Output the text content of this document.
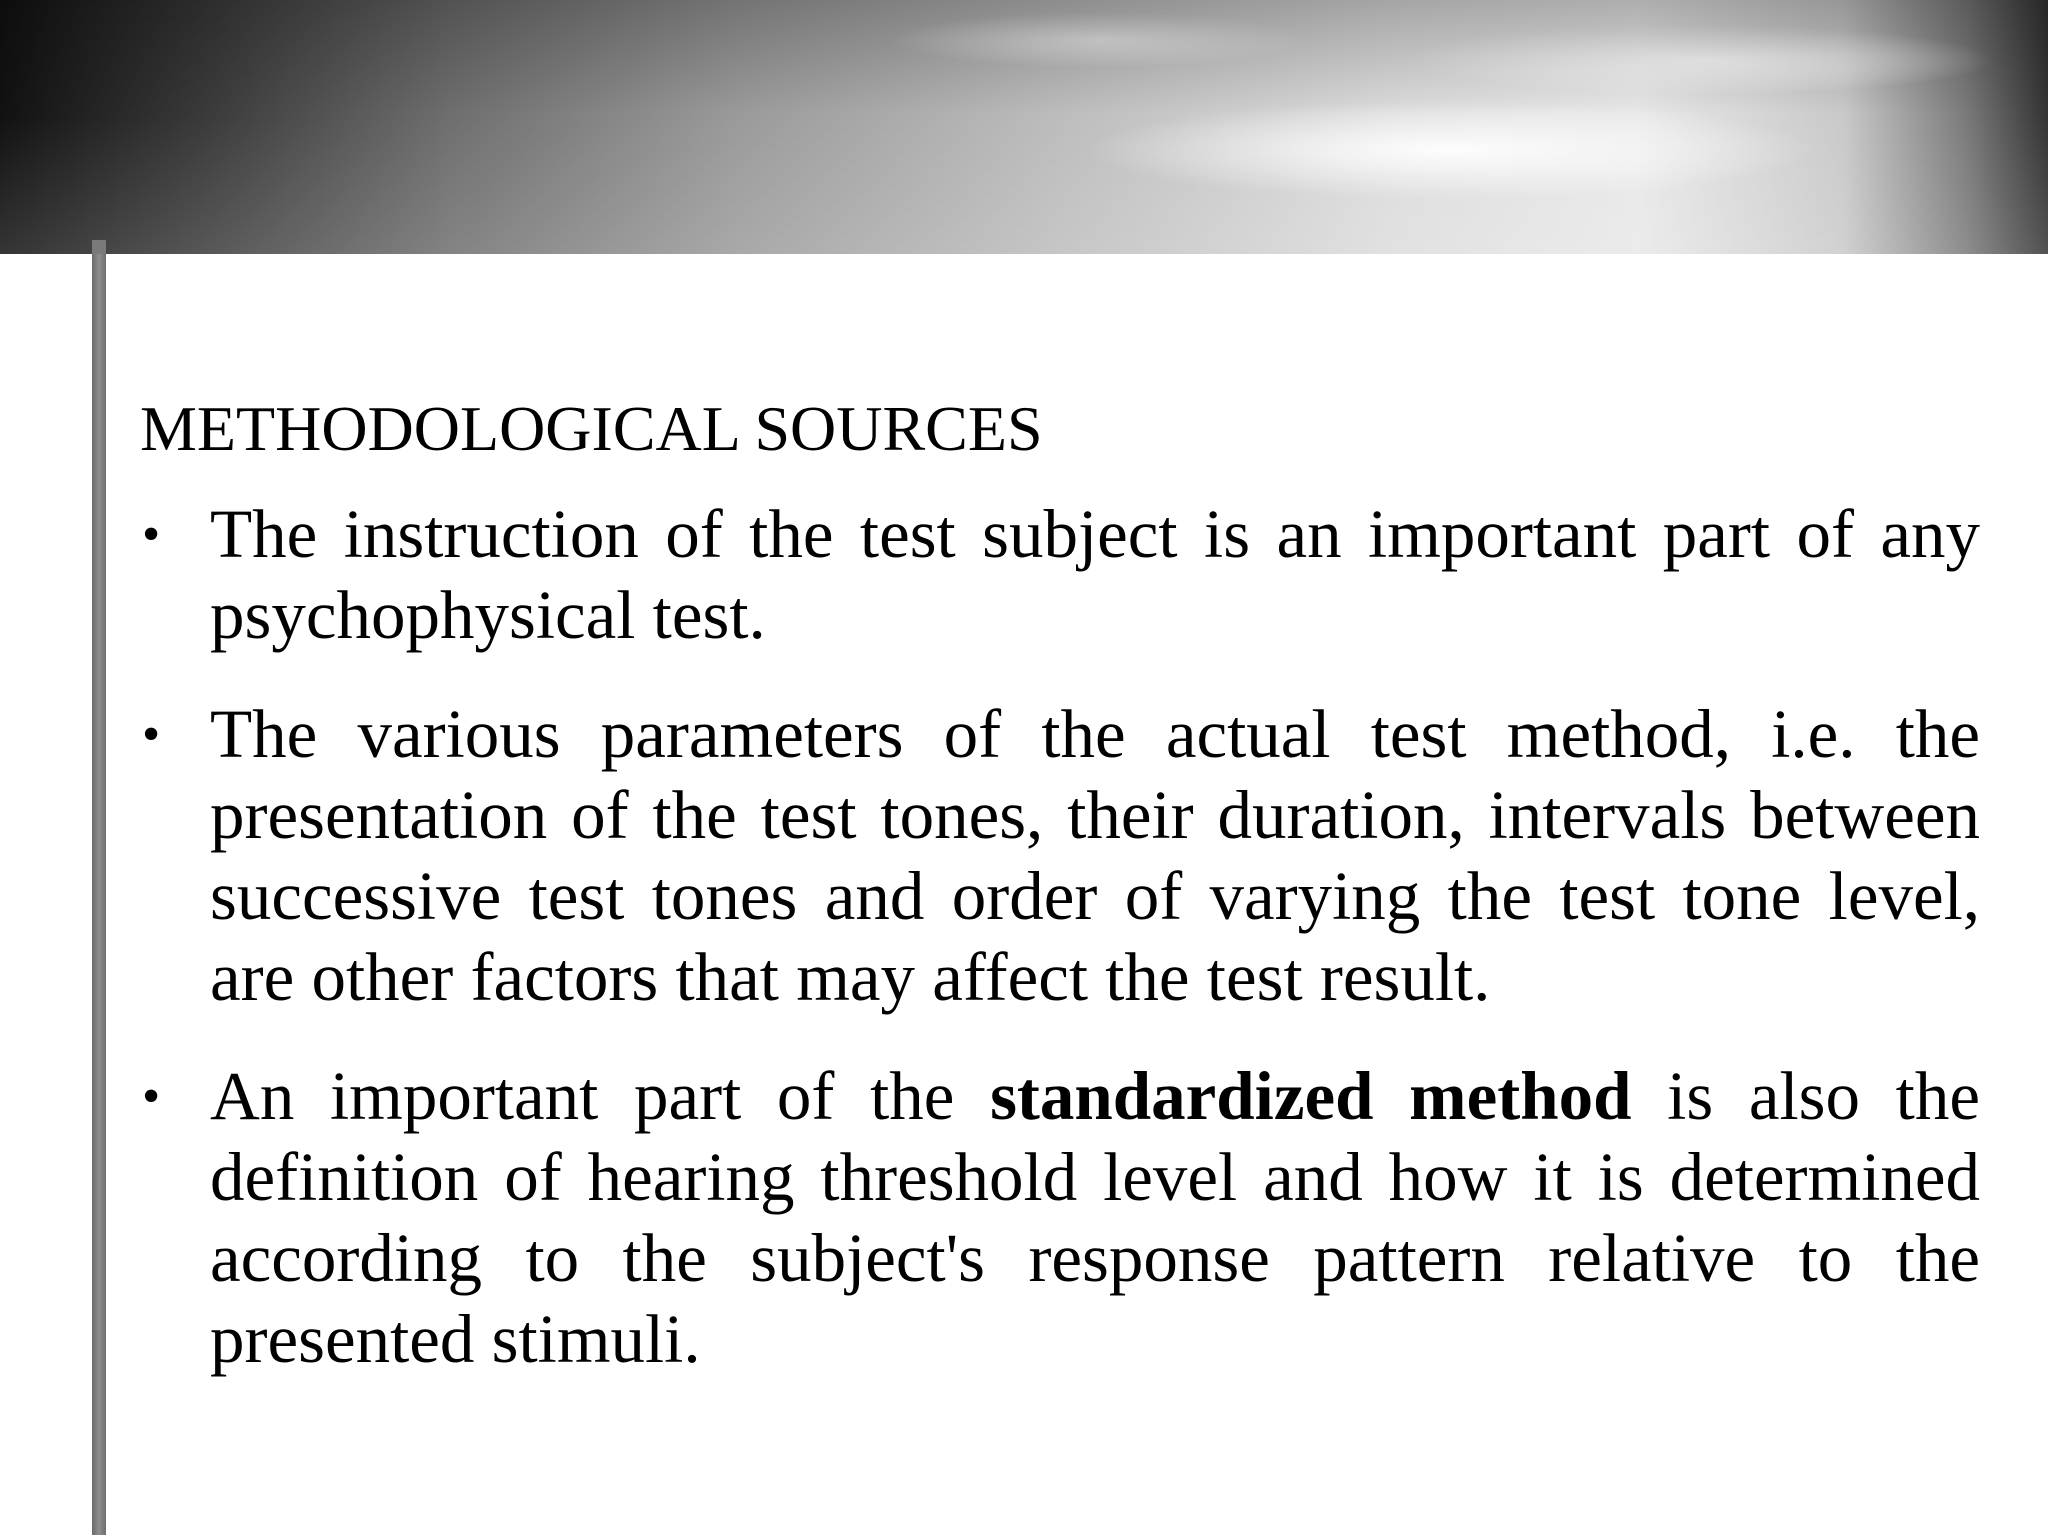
METHODOLOGICAL SOURCES
• The instruction of the test subject is an important part of any psychophysical test.
• The various parameters of the actual test method, i.e. the presentation of the test tones, their duration, intervals between successive test tones and order of varying the test tone level, are other factors that may affect the test result.
• An important part of the standardized method is also the definition of hearing threshold level and how it is determined according to the subject's response pattern relative to the presented stimuli.
